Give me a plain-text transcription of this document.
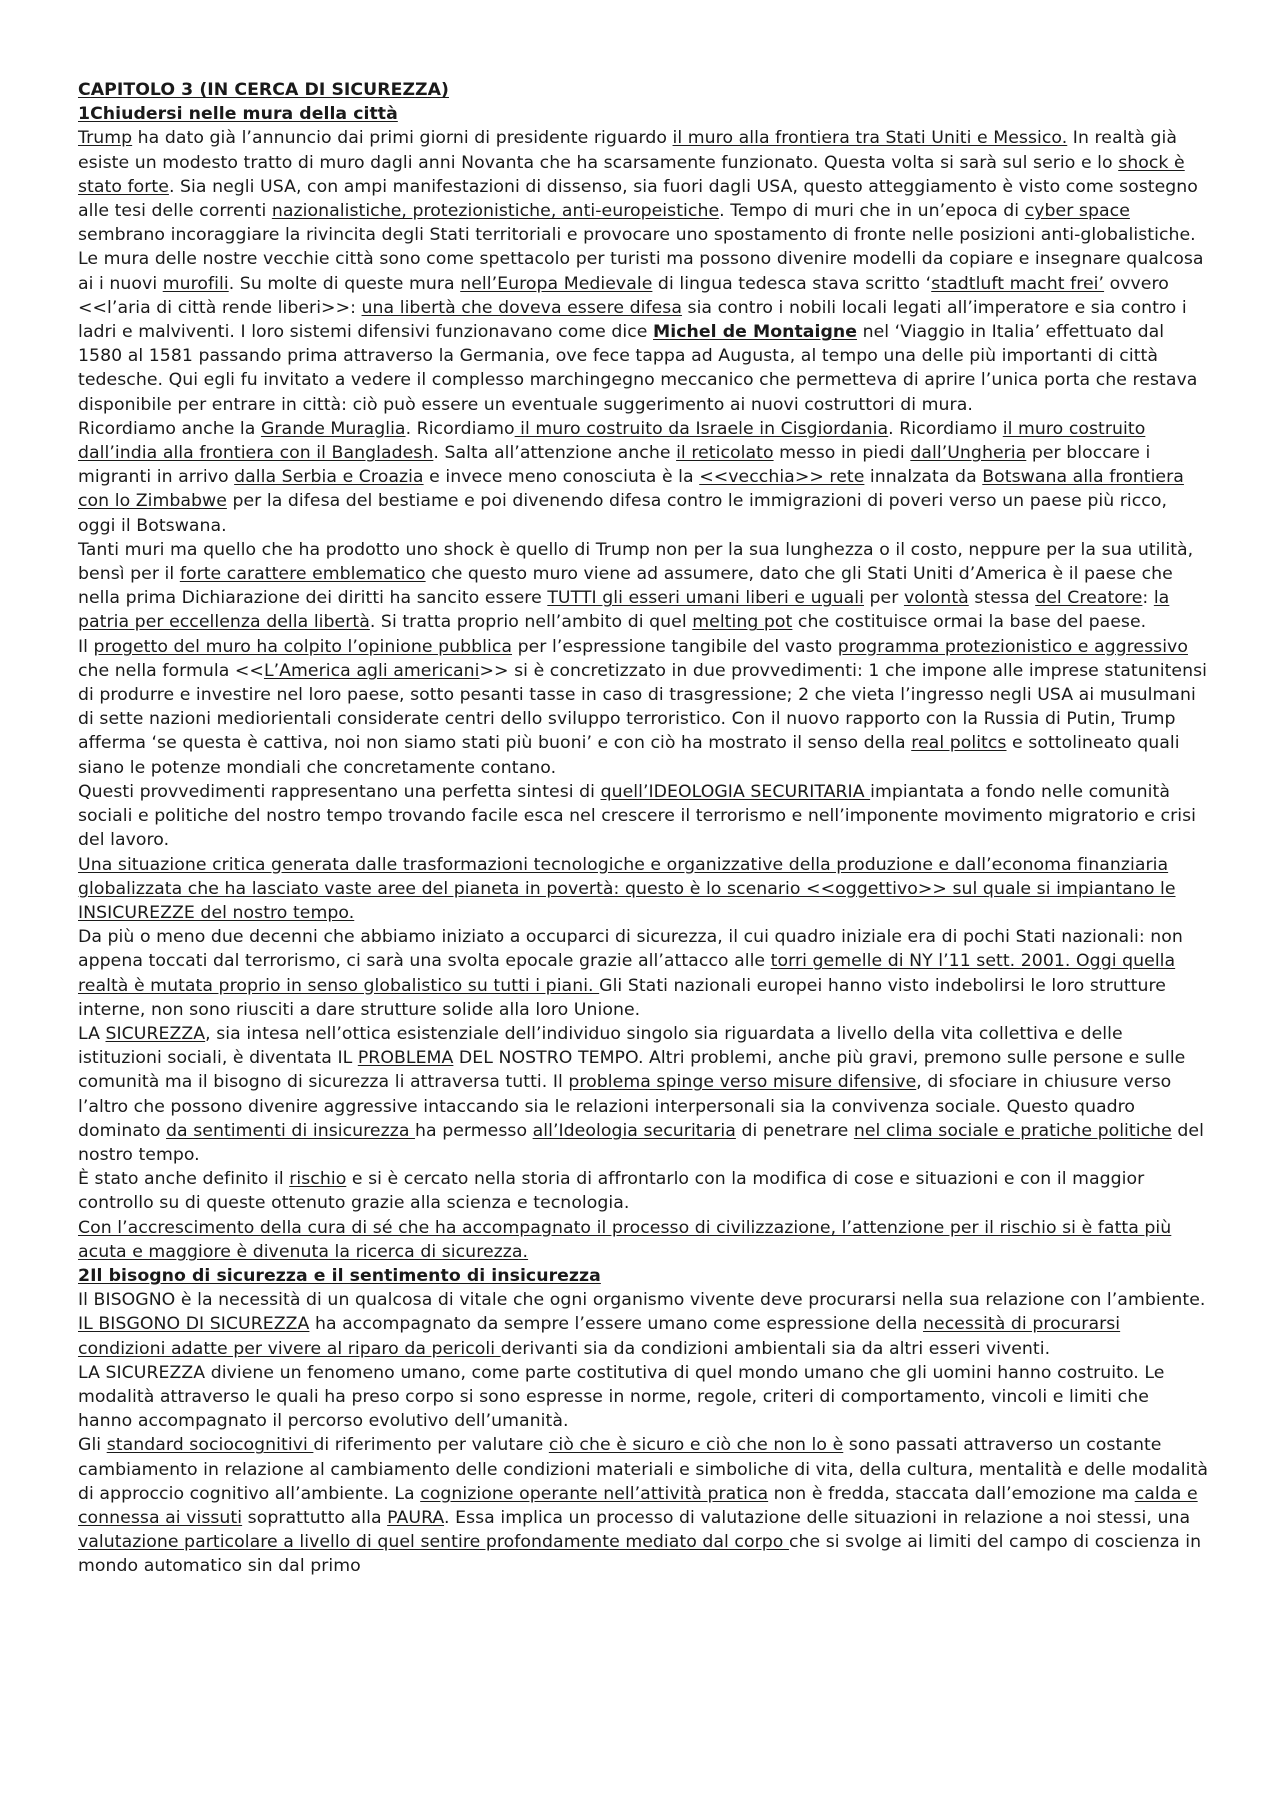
CAPITOLO 3 (IN CERCA DI SICUREZZA)
1Chiudersi nelle mura della città

Trump ha dato già l’annuncio dai primi giorni di presidente riguardo il muro alla frontiera tra Stati Uniti e Messico. In realtà già esiste un modesto tratto di muro dagli anni Novanta che ha scarsamente funzionato. Questa volta si sarà sul serio e lo shock è stato forte. Sia negli USA, con ampi manifestazioni di dissenso, sia fuori dagli USA, questo atteggiamento è visto come sostegno alle tesi delle correnti nazionalistiche, protezionistiche, anti-europeistiche. Tempo di muri che in un’epoca di cyber space sembrano incoraggiare la rivincita degli Stati territoriali e provocare uno spostamento di fronte nelle posizioni anti-globalistiche.

Le mura delle nostre vecchie città sono come spettacolo per turisti ma possono divenire modelli da copiare e insegnare qualcosa ai i nuovi murofili. Su molte di queste mura nell’Europa Medievale di lingua tedesca stava scritto ‘stadtluft macht frei’ ovvero <<l’aria di città rende liberi>>: una libertà che doveva essere difesa sia contro i nobili locali legati all’imperatore e sia contro i ladri e malviventi. I loro sistemi difensivi funzionavano come dice Michel de Montaigne nel ‘Viaggio in Italia’ effettuato dal 1580 al 1581 passando prima attraverso la Germania, ove fece tappa ad Augusta, al tempo una delle più importanti di città tedesche. Qui egli fu invitato a vedere il complesso marchingegno meccanico che permetteva di aprire l’unica porta che restava disponibile per entrare in città: ciò può essere un eventuale suggerimento ai nuovi costruttori di mura.

Ricordiamo anche la Grande Muraglia. Ricordiamo il muro costruito da Israele in Cisgiordania. Ricordiamo il muro costruito dall’india alla frontiera con il Bangladesh. Salta all’attenzione anche il reticolato messo in piedi dall’Ungheria per bloccare i migranti in arrivo dalla Serbia e Croazia e invece meno conosciuta è la <<vecchia>> rete innalzata da Botswana alla frontiera con lo Zimbabwe per la difesa del bestiame e poi divenendo difesa contro le immigrazioni di poveri verso un paese più ricco, oggi il Botswana.

Tanti muri ma quello che ha prodotto uno shock è quello di Trump non per la sua lunghezza o il costo, neppure per la sua utilità, bensì per il forte carattere emblematico che questo muro viene ad assumere, dato che gli Stati Uniti d’America è il paese che nella prima Dichiarazione dei diritti ha sancito essere TUTTI gli esseri umani liberi e uguali per volontà stessa del Creatore: la patria per eccellenza della libertà. Si tratta proprio nell’ambito di quel melting pot che costituisce ormai la base del paese.

Il progetto del muro ha colpito l’opinione pubblica per l’espressione tangibile del vasto programma protezionistico e aggressivo che nella formula <<L’America agli americani>> si è concretizzato in due provvedimenti: 1 che impone alle imprese statunitensi di produrre e investire nel loro paese, sotto pesanti tasse in caso di trasgressione; 2 che vieta l’ingresso negli USA ai musulmani di sette nazioni mediorientali considerate centri dello sviluppo terroristico. Con il nuovo rapporto con la Russia di Putin, Trump afferma ‘se questa è cattiva, noi non siamo stati più buoni’ e con ciò ha mostrato il senso della real politcs e sottolineato quali siano le potenze mondiali che concretamente contano.

Questi provvedimenti rappresentano una perfetta sintesi di quell’IDEOLOGIA SECURITARIA impiantata a fondo nelle comunità sociali e politiche del nostro tempo trovando facile esca nel crescere il terrorismo e nell’imponente movimento migratorio e crisi del lavoro.

Una situazione critica generata dalle trasformazioni tecnologiche e organizzative della produzione e dall’economa finanziaria globalizzata che ha lasciato vaste aree del pianeta in povertà: questo è lo scenario <<oggettivo>> sul quale si impiantano le INSICUREZZE del nostro tempo.

Da più o meno due decenni che abbiamo iniziato a occuparci di sicurezza, il cui quadro iniziale era di pochi Stati nazionali: non appena toccati dal terrorismo, ci sarà una svolta epocale grazie all’attacco alle torri gemelle di NY l’11 sett. 2001. Oggi quella realtà è mutata proprio in senso globalistico su tutti i piani. Gli Stati nazionali europei hanno visto indebolirsi le loro strutture interne, non sono riusciti a dare strutture solide alla loro Unione.

LA SICUREZZA, sia intesa nell’ottica esistenziale dell’individuo singolo sia riguardata a livello della vita collettiva e delle istituzioni sociali, è diventata IL PROBLEMA DEL NOSTRO TEMPO. Altri problemi, anche più gravi, premono sulle persone e sulle comunità ma il bisogno di sicurezza li attraversa tutti. Il problema spinge verso misure difensive, di sfociare in chiusure verso l’altro che possono divenire aggressive intaccando sia le relazioni interpersonali sia la convivenza sociale. Questo quadro dominato da sentimenti di insicurezza ha permesso all’Ideologia securitaria di penetrare nel clima sociale e pratiche politiche del nostro tempo.

È stato anche definito il rischio e si è cercato nella storia di affrontarlo con la modifica di cose e situazioni e con il maggior controllo su di queste ottenuto grazie alla scienza e tecnologia.

Con l’accrescimento della cura di sé che ha accompagnato il processo di civilizzazione, l’attenzione per il rischio si è fatta più acuta e maggiore è divenuta la ricerca di sicurezza.

2Il bisogno di sicurezza e il sentimento di insicurezza

Il BISOGNO è la necessità di un qualcosa di vitale che ogni organismo vivente deve procurarsi nella sua relazione con l’ambiente.

IL BISGONO DI SICUREZZA ha accompagnato da sempre l’essere umano come espressione della necessità di procurarsi condizioni adatte per vivere al riparo da pericoli derivanti sia da condizioni ambientali sia da altri esseri viventi.

LA SICUREZZA diviene un fenomeno umano, come parte costitutiva di quel mondo umano che gli uomini hanno costruito. Le modalità attraverso le quali ha preso corpo si sono espresse in norme, regole, criteri di comportamento, vincoli e limiti che hanno accompagnato il percorso evolutivo dell’umanità.

Gli standard sociocognitivi di riferimento per valutare ciò che è sicuro e ciò che non lo è sono passati attraverso un costante cambiamento in relazione al cambiamento delle condizioni materiali e simboliche di vita, della cultura, mentalità e delle modalità di approccio cognitivo all’ambiente. La cognizione operante nell’attività pratica non è fredda, staccata dall’emozione ma calda e connessa ai vissuti soprattutto alla PAURA. Essa implica un processo di valutazione delle situazioni in relazione a noi stessi, una valutazione particolare a livello di quel sentire profondamente mediato dal corpo che si svolge ai limiti del campo di coscienza in mondo automatico sin dal primo
